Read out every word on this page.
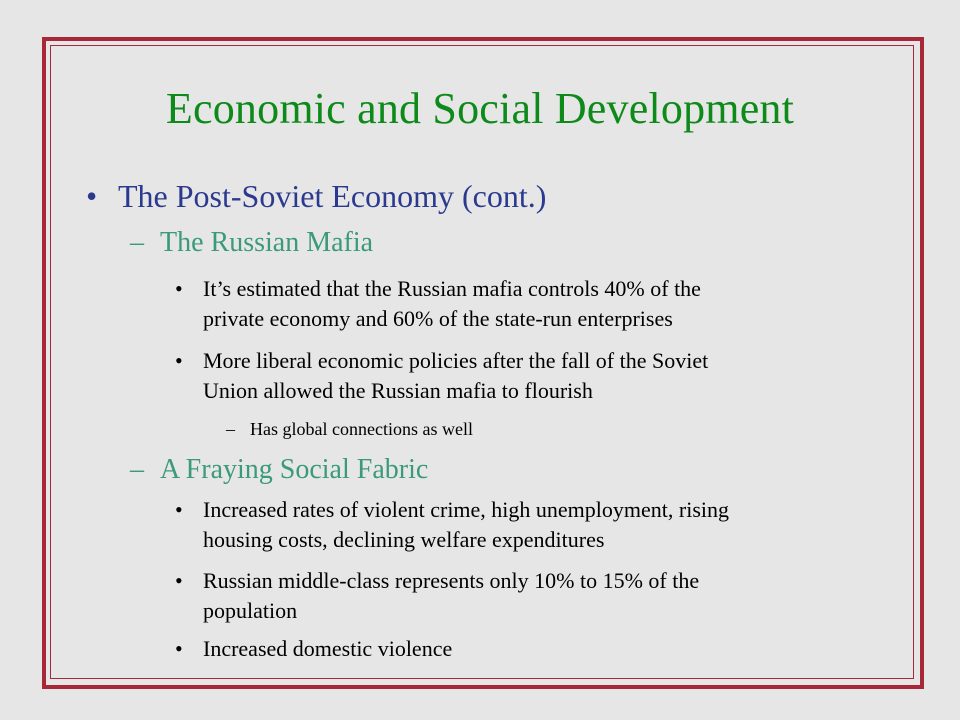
Economic and Social Development
• The Post-Soviet Economy (cont.)
– The Russian Mafia
• It’s estimated that the Russian mafia controls 40% of the
private economy and 60% of the state-run enterprises
• More liberal economic policies after the fall of the Soviet
Union allowed the Russian mafia to flourish
– Has global connections as well
– A Fraying Social Fabric
• Increased rates of violent crime, high unemployment, rising
housing costs, declining welfare expenditures
• Russian middle-class represents only 10% to 15% of the
population
• Increased domestic violence
